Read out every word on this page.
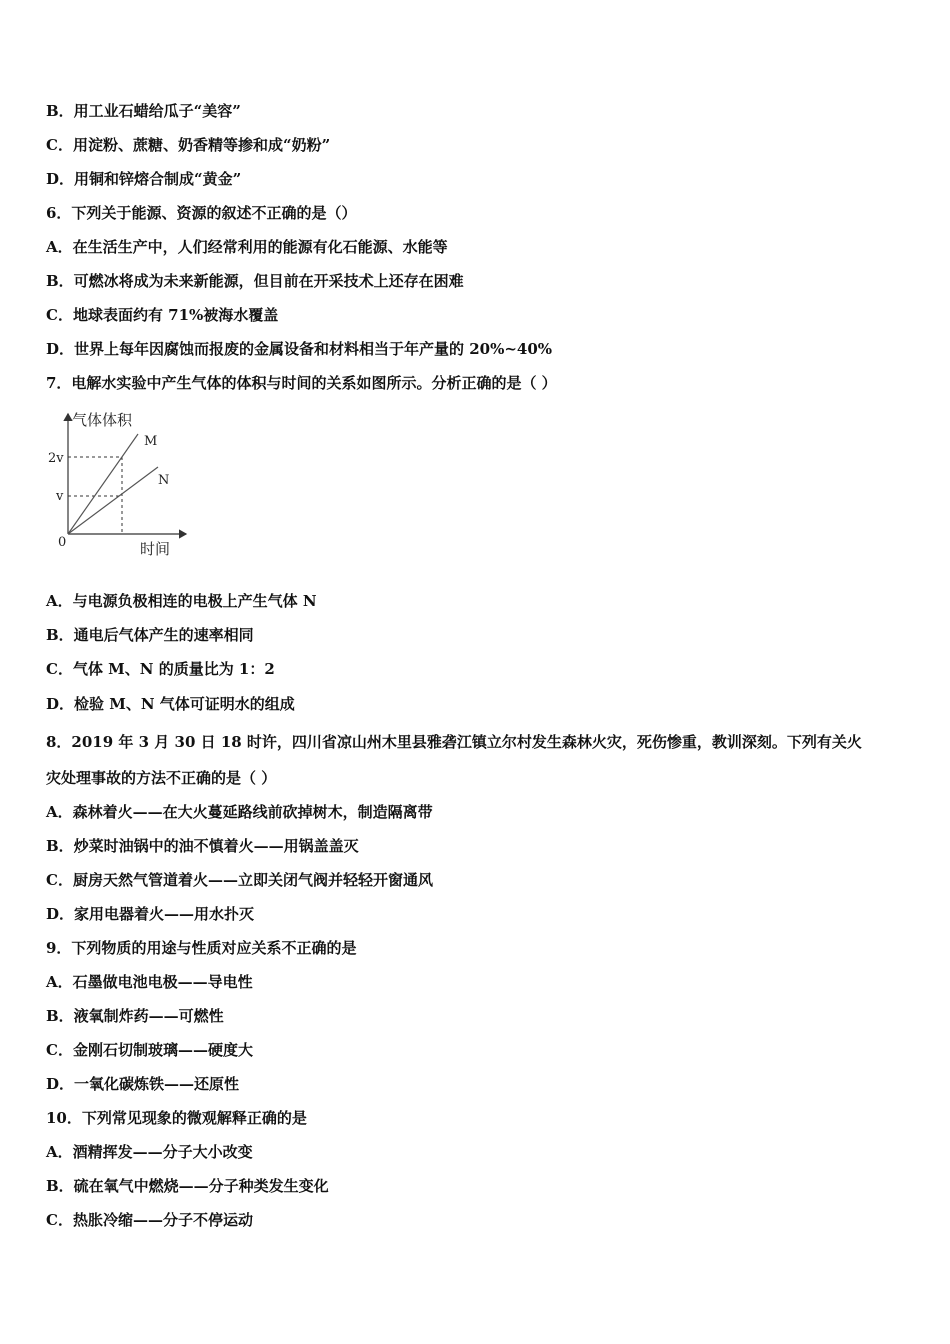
B．用工业石蜡给瓜子“美容”
C．用淀粉、蔗糖、奶香精等掺和成“奶粉”
D．用铜和锌熔合制成“黄金”
6．下列关于能源、资源的叙述不正确的是（）
A．在生活生产中，人们经常利用的能源有化石能源、水能等
B．可燃冰将成为未来新能源，但目前在开采技术上还存在困难
C．地球表面约有 71%被海水覆盖
D．世界上每年因腐蚀而报废的金属设备和材料相当于年产量的 20%~40%
7．电解水实验中产生气体的体积与时间的关系如图所示。分析正确的是（ ）
气体体积
时间
0
2v
v
M
N
A．与电源负极相连的电极上产生气体 N
B．通电后气体产生的速率相同
C．气体 M、N 的质量比为 1：2
D．检验 M、N 气体可证明水的组成
8．2019 年 3 月 30 日 18 时许，四川省凉山州木里县雅砻江镇立尔村发生森林火灾，死伤惨重，教训深刻。下列有关火
灾处理事故的方法不正确的是（ ）
A．森林着火——在大火蔓延路线前砍掉树木，制造隔离带
B．炒菜时油锅中的油不慎着火——用锅盖盖灭
C．厨房天然气管道着火——立即关闭气阀并轻轻开窗通风
D．家用电器着火——用水扑灭
9．下列物质的用途与性质对应关系不正确的是
A．石墨做电池电极——导电性
B．液氧制炸药——可燃性
C．金刚石切制玻璃——硬度大
D．一氧化碳炼铁——还原性
10．下列常见现象的微观解释正确的是
A．酒精挥发——分子大小改变
B．硫在氧气中燃烧——分子种类发生变化
C．热胀冷缩——分子不停运动
